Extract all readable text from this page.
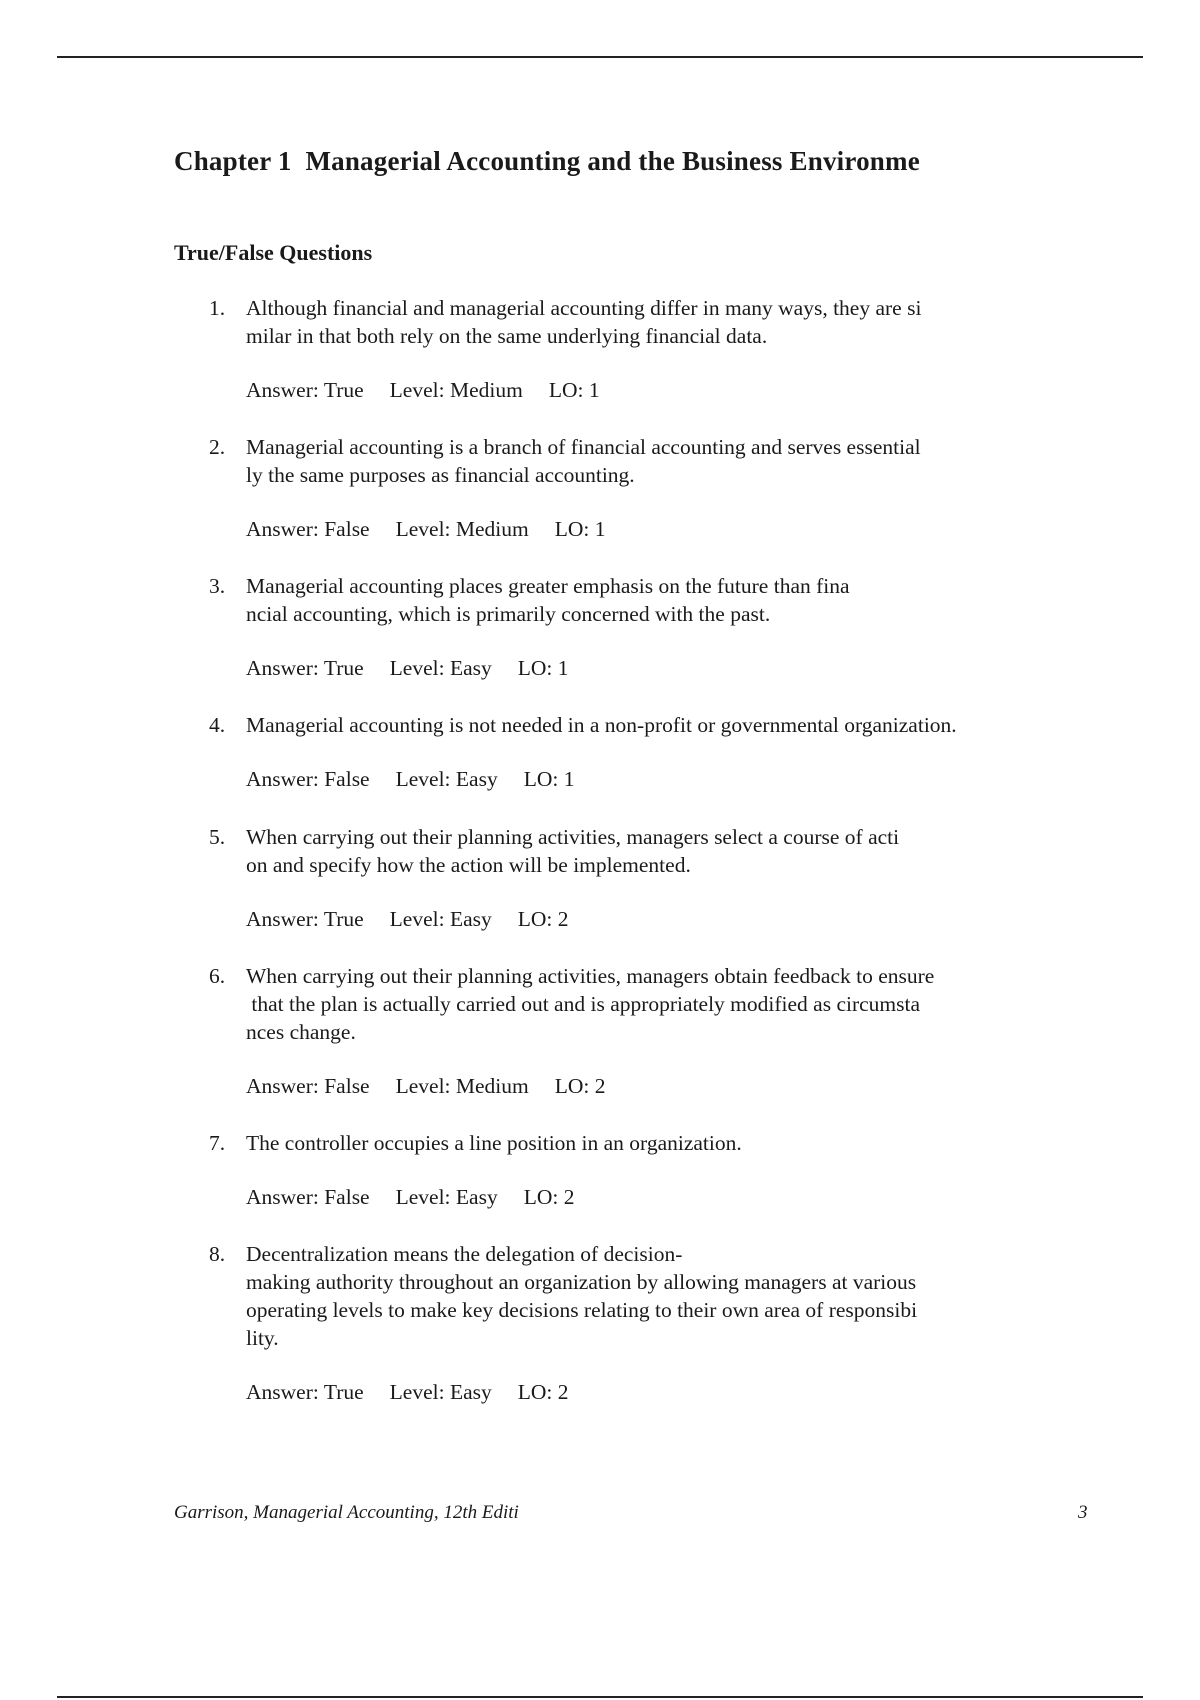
Chapter 1  Managerial Accounting and the Business Environme
True/False Questions
1. Although financial and managerial accounting differ in many ways, they are si
milar in that both rely on the same underlying financial data.
Answer: True Level: Medium LO: 1
2. Managerial accounting is a branch of financial accounting and serves essential
ly the same purposes as financial accounting.
Answer: False Level: Medium LO: 1
3. Managerial accounting places greater emphasis on the future than fina
ncial accounting, which is primarily concerned with the past.
Answer: True Level: Easy LO: 1
4. Managerial accounting is not needed in a non-profit or governmental organization.
Answer: False Level: Easy LO: 1
5. When carrying out their planning activities, managers select a course of acti
on and specify how the action will be implemented.
Answer: True Level: Easy LO: 2
6. When carrying out their planning activities, managers obtain feedback to ensure
that the plan is actually carried out and is appropriately modified as circumsta
nces change.
Answer: False Level: Medium LO: 2
7. The controller occupies a line position in an organization.
Answer: False Level: Easy LO: 2
8. Decentralization means the delegation of decision-
making authority throughout an organization by allowing managers at various
operating levels to make key decisions relating to their own area of responsibi
lity.
Answer: True Level: Easy LO: 2
Garrison, Managerial Accounting, 12th Editi	3
